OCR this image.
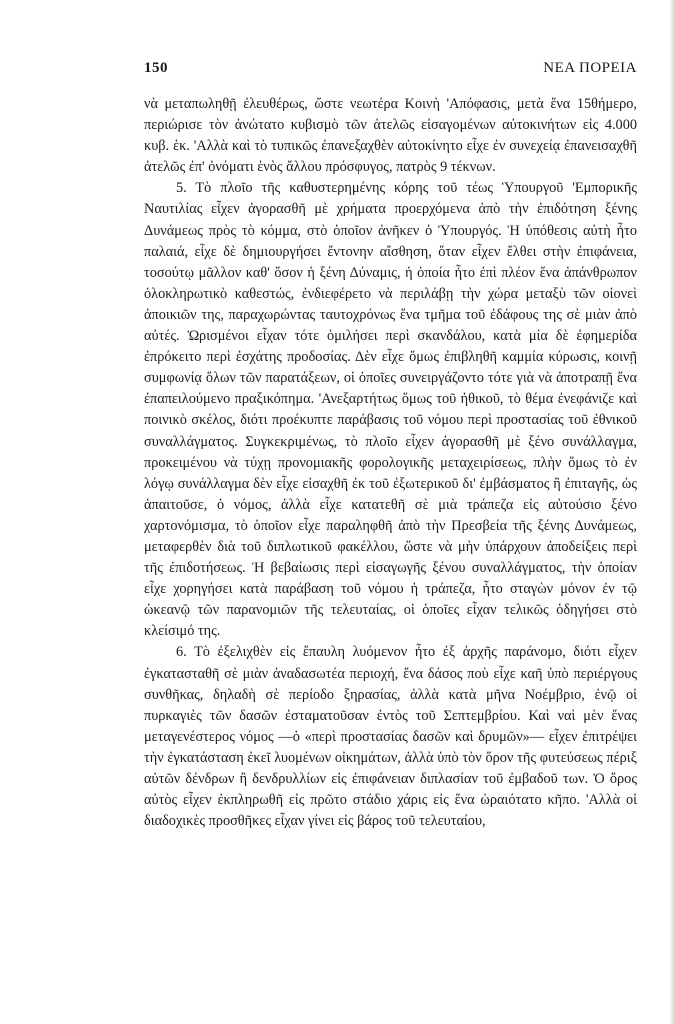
150	ΝΕΑ ΠΟΡΕΙΑ

νὰ μεταπωληθῇ ἐλευθέρως, ὥστε νεωτέρα Κοινὴ 'Απόφασις, μετὰ ἕνα 15θήμερο, περιώρισε τὸν ἀνώτατο κυβισμὸ τῶν ἀτελῶς εἰσαγομένων αὐτοκινήτων εἰς 4.000 κυβ. ἑκ. 'Αλλὰ καὶ τὸ τυπικῶς ἐπανεξαχθὲν αὐτοκίνητο εἶχε ἐν συνεχείᾳ ἐπανεισαχθῆ ἀτελῶς ἐπ' ὀνόματι ἑνὸς ἄλλου πρόσφυγος, πατρὸς 9 τέκνων.

5. Τὸ πλοῖο τῆς καθυστερημένης κόρης τοῦ τέως Ὑπουργοῦ 'Εμπορικῆς Ναυτιλίας εἶχεν ἀγορασθῆ μὲ χρήματα προερχόμενα ἀπὸ τὴν ἐπιδότηση ξένης Δυνάμεως πρὸς τὸ κόμμα, στὸ ὁποῖον ἀνῆκεν ὁ Ὑπουργός. Ἡ ὑπόθεσις αὐτὴ ἦτο παλαιά, εἶχε δὲ δημιουργήσει ἔντονην αἴσθηση, ὅταν εἶχεν ἔλθει στὴν ἐπιφάνεια, τοσούτῳ μᾶλλον καθ' ὅσον ἡ ξένη Δύναμις, ἡ ὁποία ἦτο ἐπὶ πλέον ἕνα ἀπάνθρωπον ὁλοκληρωτικὸ καθεστώς, ἐνδιεφέρετο νὰ περιλάβῃ τὴν χώρα μεταξὺ τῶν οἱονεὶ ἀποικιῶν της, παραχωρώντας ταυτοχρόνως ἕνα τμῆμα τοῦ ἐδάφους της σὲ μιὰν ἀπὸ αὐτές. Ὡρισμένοι εἶχαν τότε ὁμιλήσει περὶ σκανδάλου, κατὰ μία δὲ ἐφημερίδα ἐπρόκειτο περὶ ἐσχάτης προδοσίας. Δὲν εἶχε ὅμως ἐπιβληθῆ καμμία κύρωσις, κοινῇ συμφωνίᾳ ὅλων τῶν παρατάξεων, οἱ ὁποῖες συνειργάζοντο τότε γιὰ νὰ ἀποτραπῇ ἕνα ἐπαπειλούμενο πραξικόπημα. 'Ανεξαρτήτως ὅμως τοῦ ἠθικοῦ, τὸ θέμα ἐνεφάνιζε καὶ ποινικὸ σκέλος, διότι προέκυπτε παράβασις τοῦ νόμου περὶ προστασίας τοῦ ἐθνικοῦ συναλλάγματος. Συγκεκριμένως, τὸ πλοῖο εἶχεν ἀγορασθῆ μὲ ξένο συνάλλαγμα, προκειμένου νὰ τύχῃ προνομιακῆς φορολογικῆς μεταχειρίσεως, πλὴν ὅμως τὸ ἐν λόγῳ συνάλλαγμα δὲν εἶχε εἰσαχθῆ ἐκ τοῦ ἐξωτερικοῦ δι' ἐμβάσματος ἢ ἐπιταγῆς, ὡς ἀπαιτοῦσε, ὁ νόμος, ἀλλὰ εἶχε κατατεθῆ σὲ μιὰ τράπεζα εἰς αὐτούσιο ξένο χαρτονόμισμα, τὸ ὁποῖον εἶχε παραληφθῆ ἀπὸ τὴν Πρεσβεία τῆς ξένης Δυνάμεως, μεταφερθὲν διὰ τοῦ διπλωτικοῦ φακέλλου, ὥστε νὰ μὴν ὑπάρχουν ἀποδείξεις περὶ τῆς ἐπιδοτήσεως. Ἡ βεβαίωσις περὶ εἰσαγωγῆς ξένου συναλλάγματος, τὴν ὁποίαν εἶχε χορηγήσει κατὰ παράβαση τοῦ νόμου ἡ τράπεζα, ἦτο σταγὼν μόνον ἐν τῷ ὠκεανῷ τῶν παρανομιῶν τῆς τελευταίας, οἱ ὁποῖες εἶχαν τελικῶς ὁδηγήσει στὸ κλείσιμό της.

6. Τὸ ἐξελιχθὲν εἰς ἔπαυλη λυόμενον ἦτο ἐξ ἀρχῆς παράνομο, διότι εἶχεν ἐγκατασταθῆ σὲ μιὰν ἀναδασωτέα περιοχή, ἕνα δάσος ποὺ εἶχε καῆ ὑπὸ περιέργους συνθῆκας, δηλαδὴ σὲ περίοδο ξηρασίας, ἀλλὰ κατὰ μῆνα Νοέμβριο, ἐνῷ οἱ πυρκαγιὲς τῶν δασῶν ἐσταματοῦσαν ἐντὸς τοῦ Σεπτεμβρίου. Καὶ ναὶ μὲν ἕνας μεταγενέστερος νόμος —ὁ «περὶ προστασίας δασῶν καὶ δρυμῶν»— εἶχεν ἐπιτρέψει τὴν ἐγκατάσταση ἐκεῖ λυομένων οἰκημάτων, ἀλλὰ ὑπὸ τὸν ὅρον τῆς φυτεύσεως πέριξ αὐτῶν δένδρων ἢ δενδρυλλίων εἰς ἐπιφάνειαν διπλασίαν τοῦ ἐμβαδοῦ των. Ὁ ὅρος αὐτὸς εἶχεν ἐκπληρωθῆ εἰς πρῶτο στάδιο χάρις εἰς ἕνα ὡραιότατο κῆπο. 'Αλλὰ οἱ διαδοχικὲς προσθῆκες εἶχαν γίνει εἰς βάρος τοῦ τελευταίου,
